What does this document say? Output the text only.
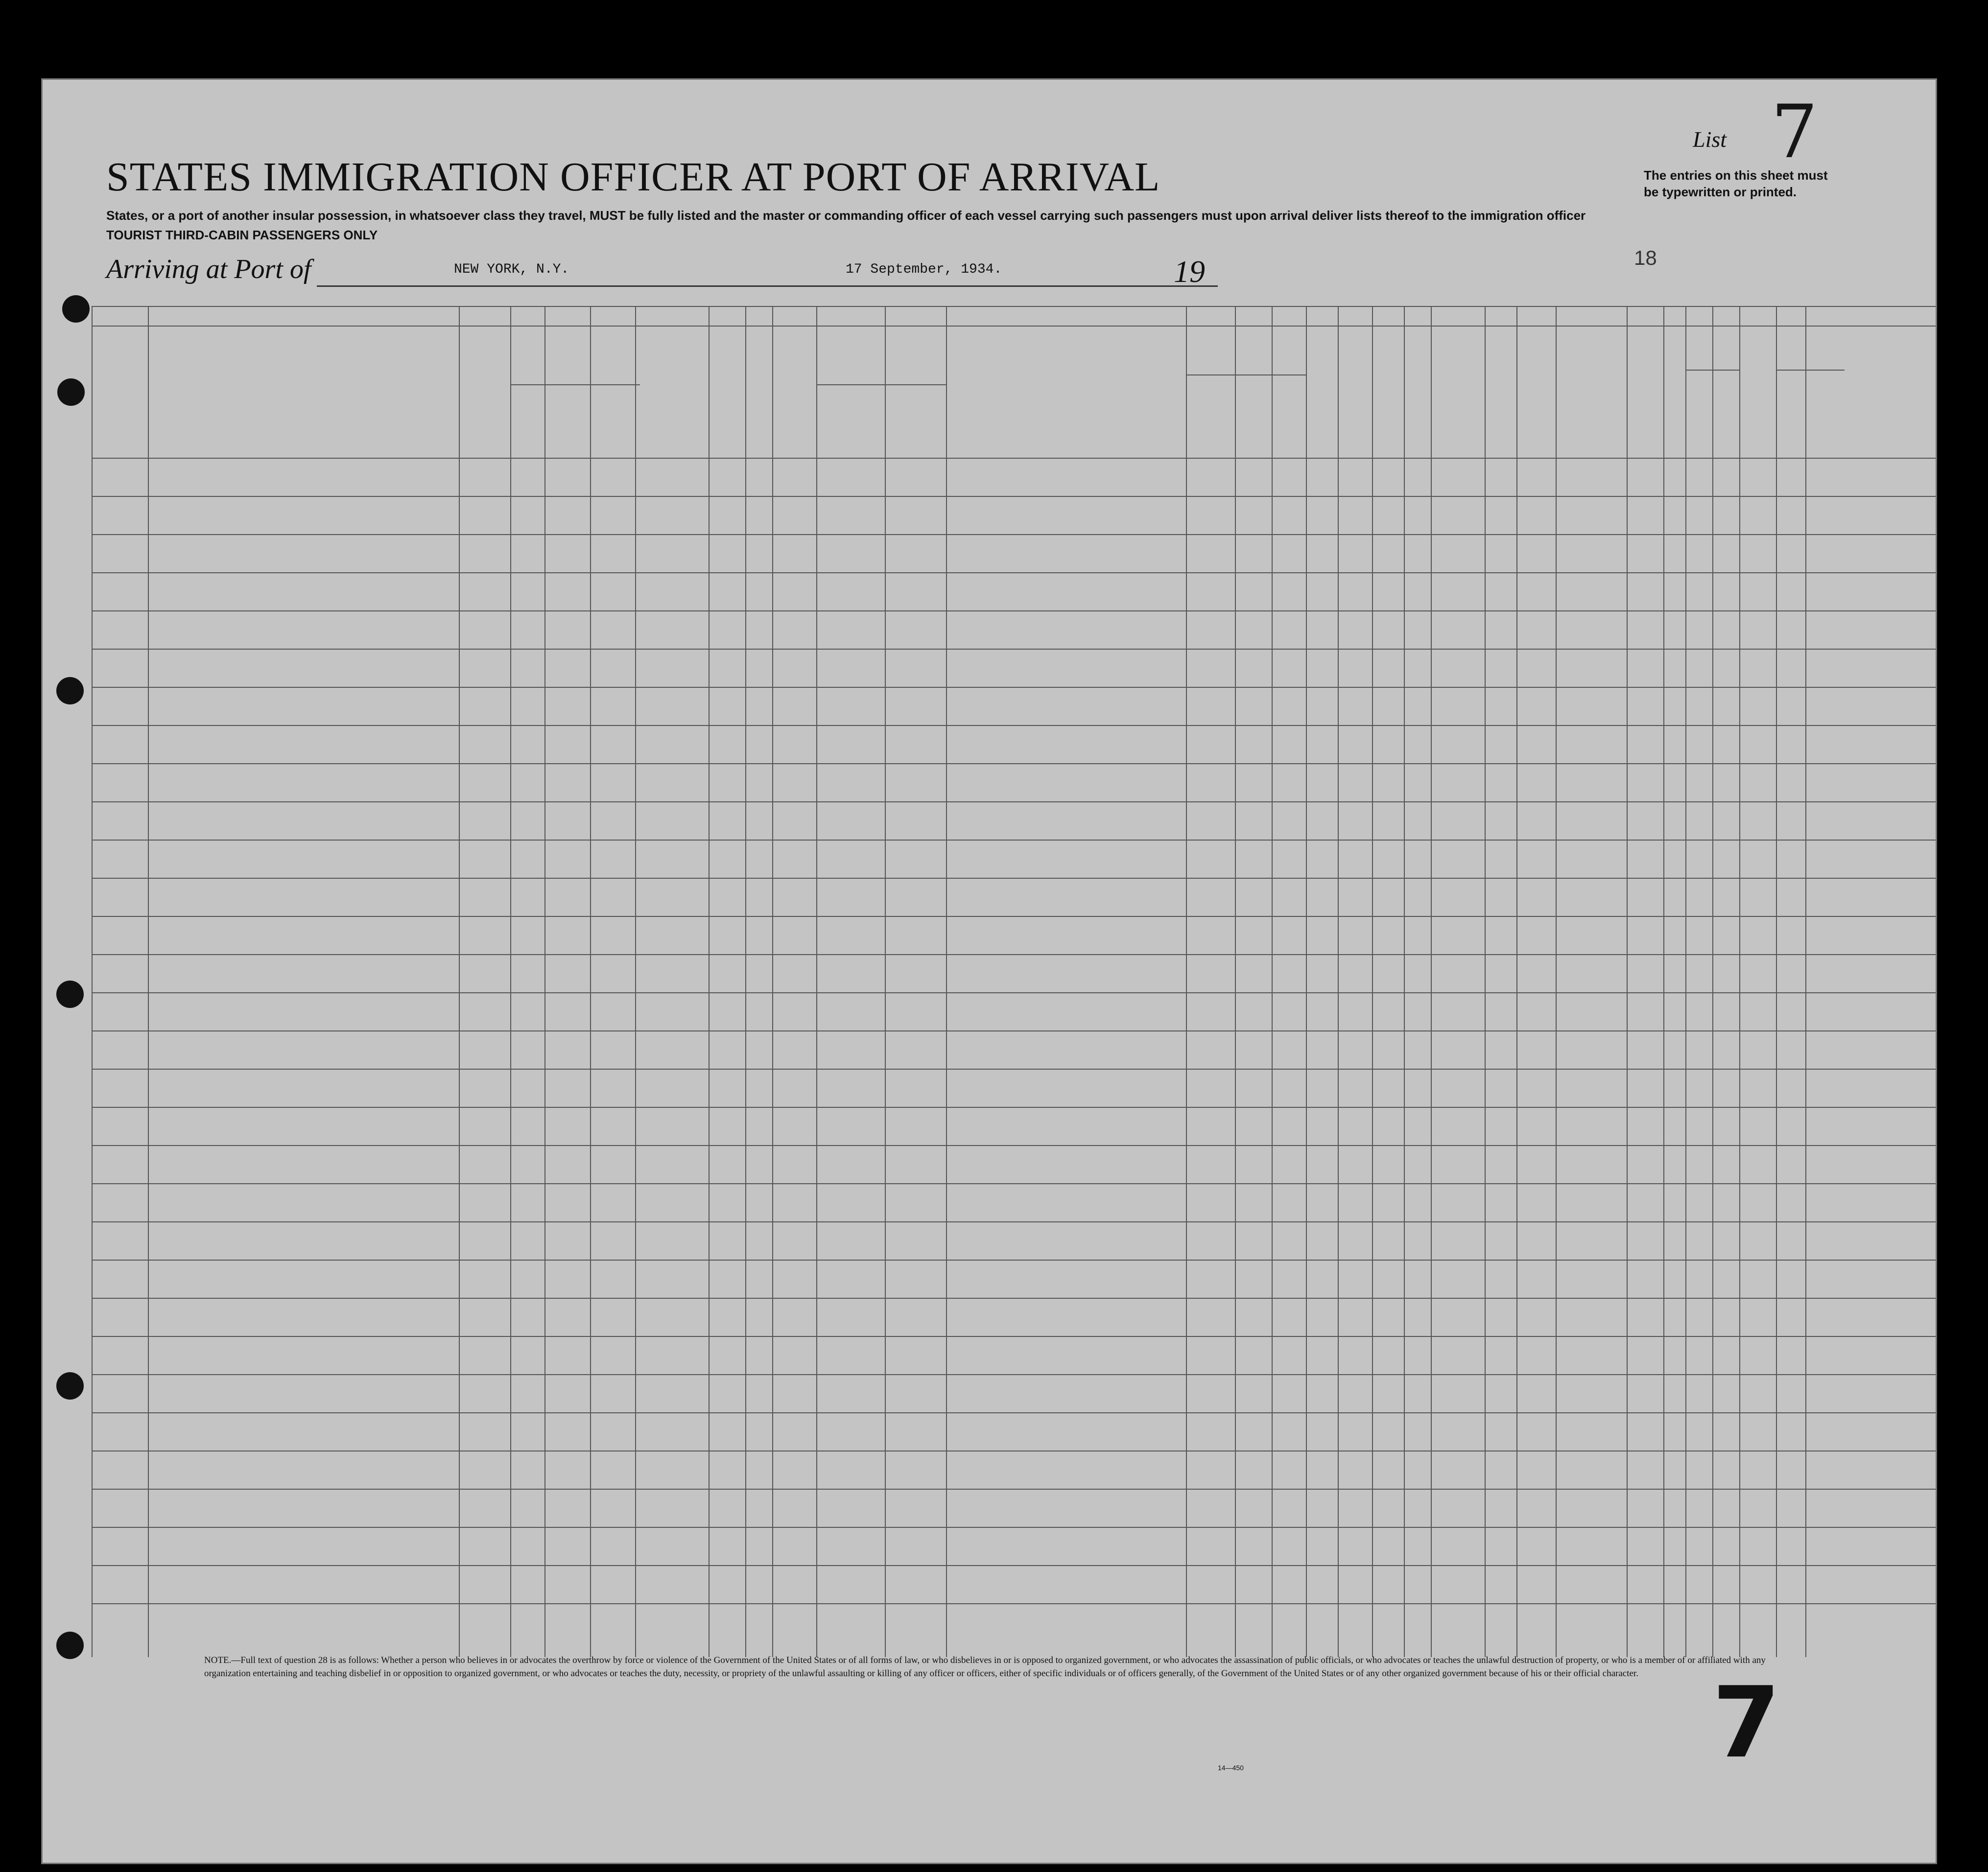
STATES IMMIGRATION OFFICER AT PORT OF ARRIVAL
States, or a port of another insular possession, in whatsoever class they travel, MUST be fully listed and the master or commanding officer of each vessel carrying such passengers must upon arrival deliver lists thereof to the immigration officer
TOURIST THIRD-CABIN PASSENGERS ONLY
List 7
The entries on this sheet must be typewritten or printed.
Arriving at Port of	NEW YORK, N.Y.	17 September, 1934.	19	18
NOTE.—Full text of question 28 is as follows: Whether a person who believes in or advocates the overthrow by force or violence of the Government of the United States or of all forms of law, or who disbelieves in or is opposed to organized government, or who advocates the assassination of public officials, or who advocates or teaches the unlawful destruction of property, or who is a member of or affiliated with any organization entertaining and teaching disbelief in or opposition to organized government, or who advocates or teaches the duty, necessity, or propriety of the unlawful assaulting or killing of any officer or officers, either of specific individuals or of officers generally, of the Government of the United States or of any other organized government because of his or their official character.
14—450	7
